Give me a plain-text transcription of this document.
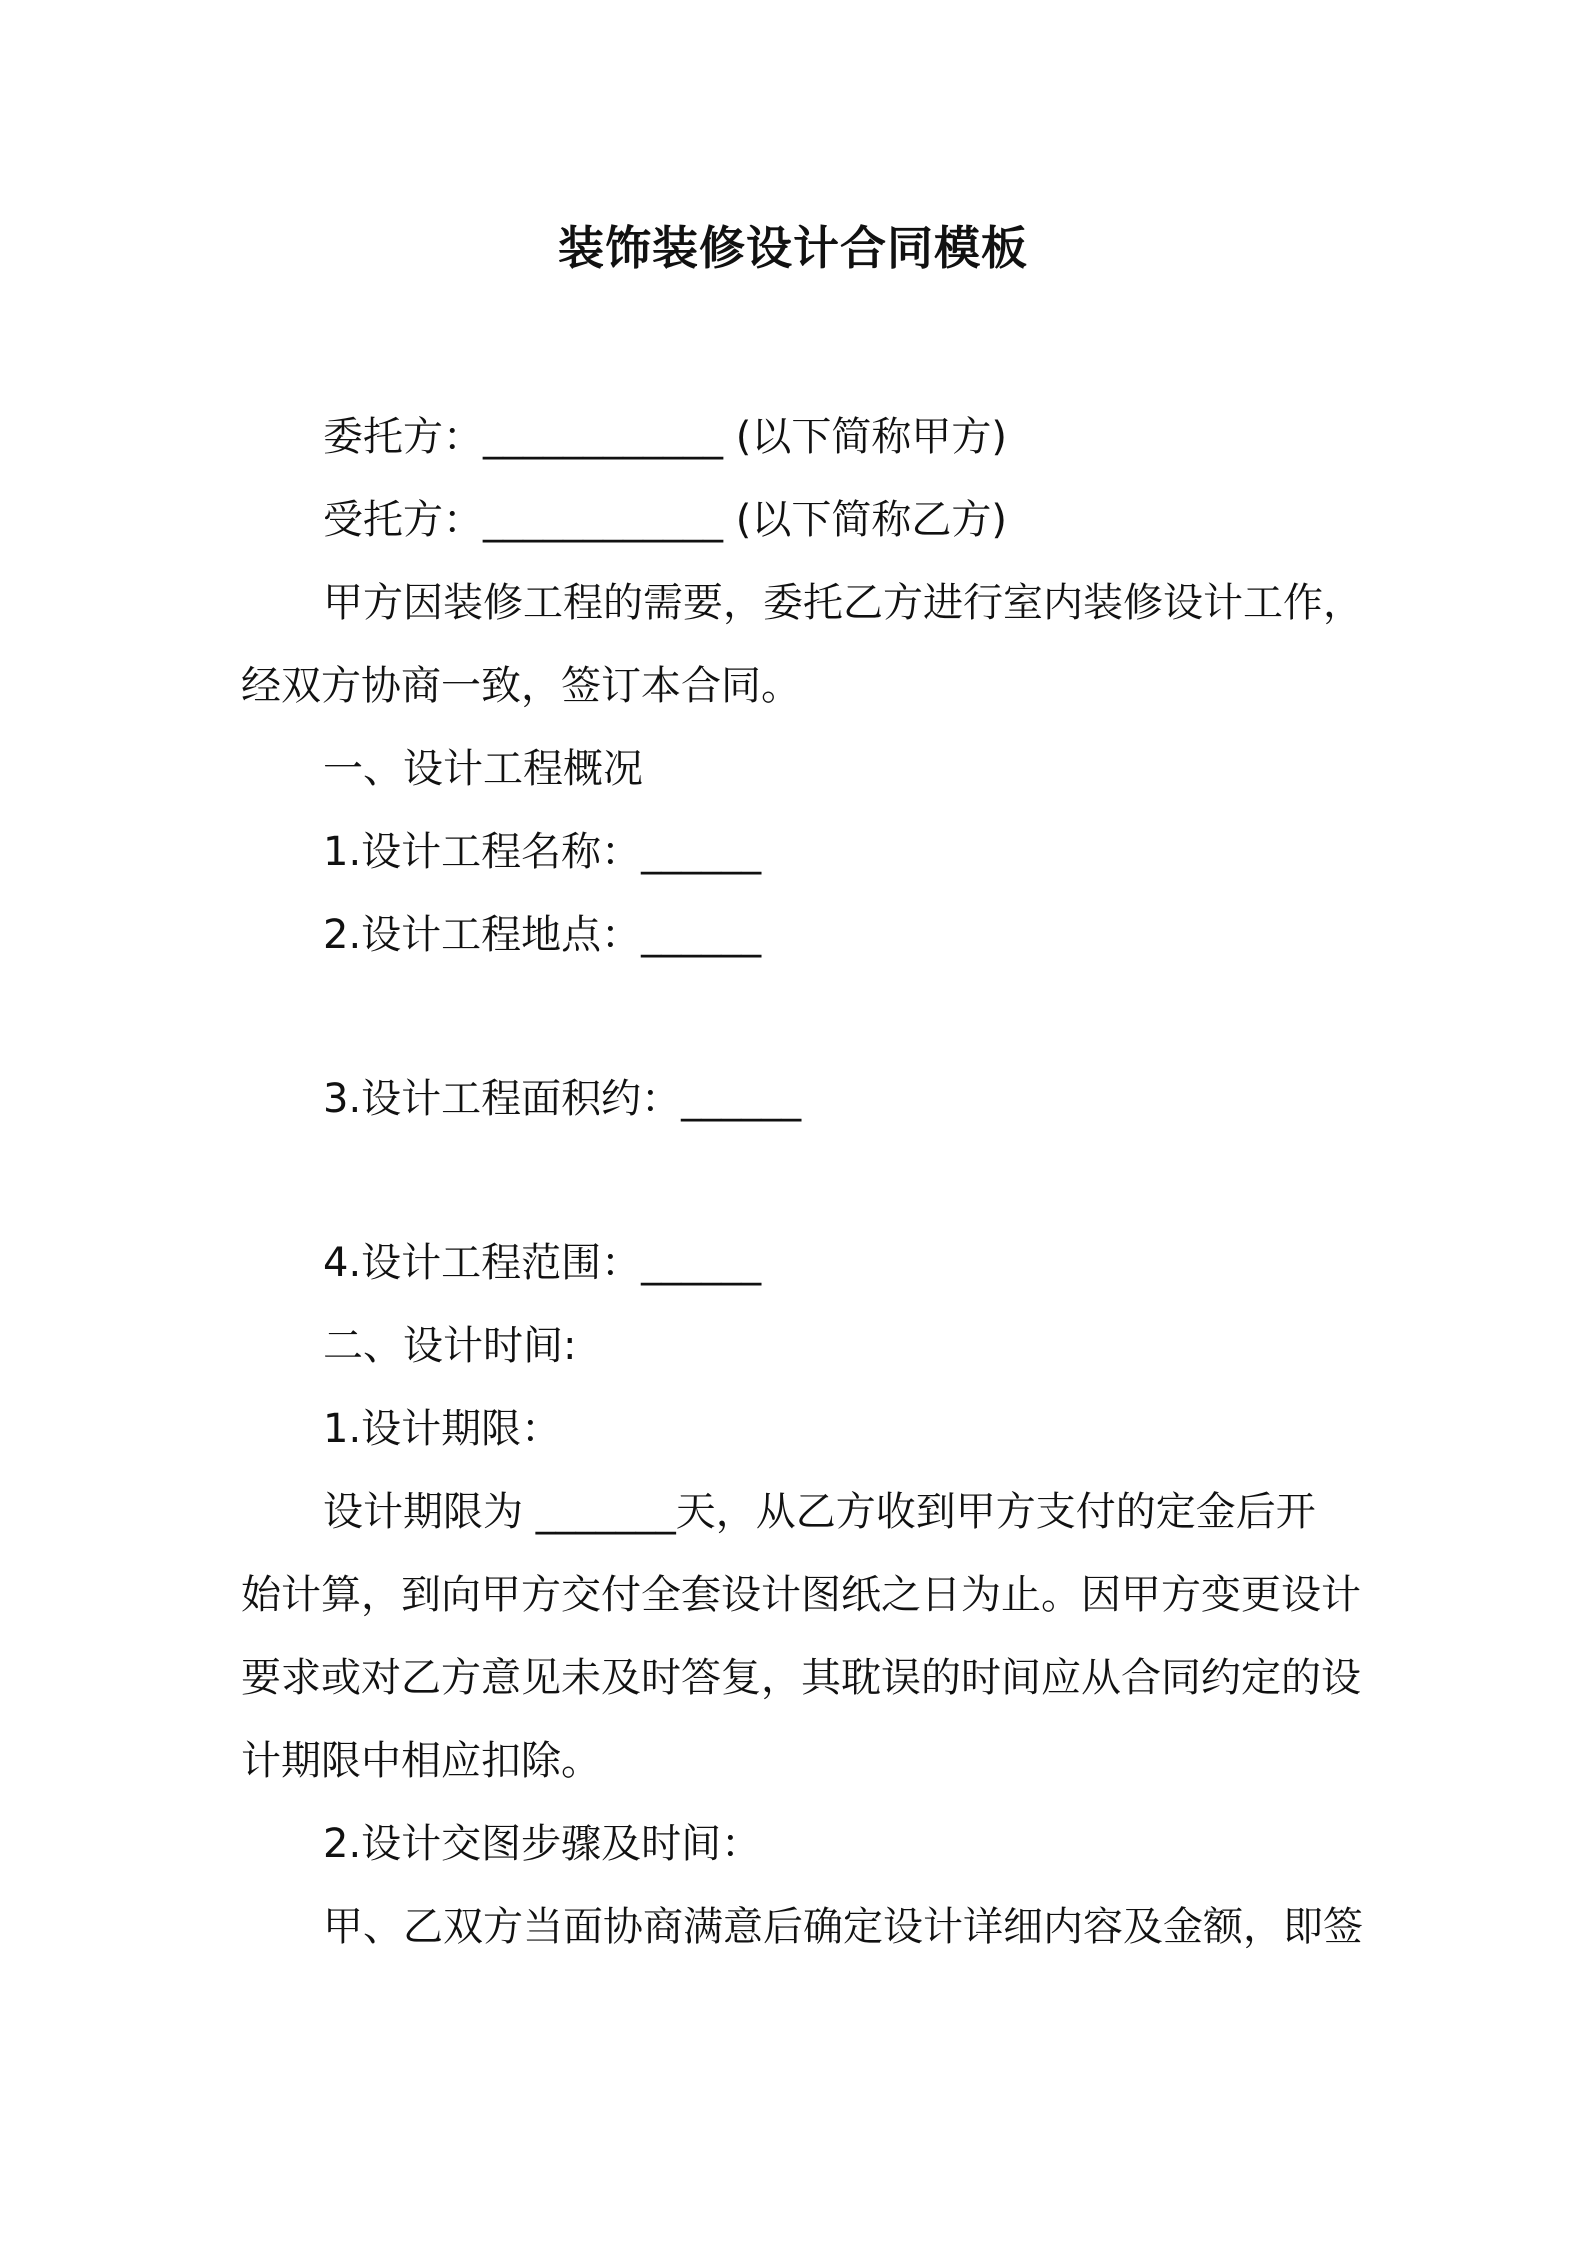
装饰装修设计合同模板
委托方：____________ (以下简称甲方)
受托方：____________ (以下简称乙方)
甲方因装修工程的需要，委托乙方进行室内装修设计工作，
经双方协商一致，签订本合同。
一、设计工程概况
1.设计工程名称：______
2.设计工程地点：______
3.设计工程面积约：______
4.设计工程范围：______
二、设计时间:
1.设计期限：
设计期限为 _______天，从乙方收到甲方支付的定金后开
始计算，到向甲方交付全套设计图纸之日为止。因甲方变更设计
要求或对乙方意见未及时答复，其耽误的时间应从合同约定的设
计期限中相应扣除。
2.设计交图步骤及时间：
甲、乙双方当面协商满意后确定设计详细内容及金额，即签
